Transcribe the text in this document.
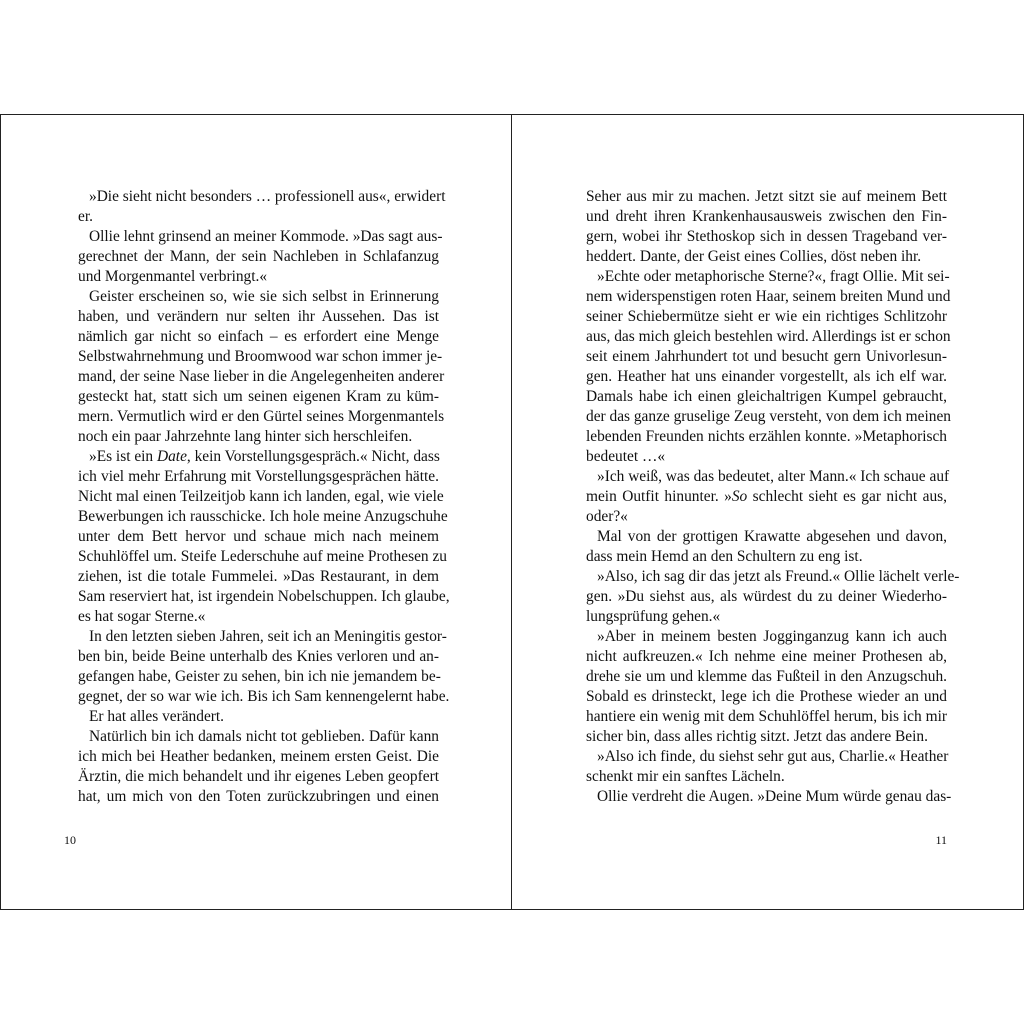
»Die sieht nicht besonders … professionell aus«, erwidert
er.
Ollie lehnt grinsend an meiner Kommode. »Das sagt aus-
gerechnet der Mann, der sein Nachleben in Schlafanzug
und Morgenmantel verbringt.«
Geister erscheinen so, wie sie sich selbst in Erinnerung
haben, und verändern nur selten ihr Aussehen. Das ist
nämlich gar nicht so einfach – es erfordert eine Menge
Selbstwahrnehmung und Broomwood war schon immer je-
mand, der seine Nase lieber in die Angelegenheiten anderer
gesteckt hat, statt sich um seinen eigenen Kram zu küm-
mern. Vermutlich wird er den Gürtel seines Morgenmantels
noch ein paar Jahrzehnte lang hinter sich herschleifen.
»Es ist ein Date, kein Vorstellungsgespräch.« Nicht, dass
ich viel mehr Erfahrung mit Vorstellungsgesprächen hätte.
Nicht mal einen Teilzeitjob kann ich landen, egal, wie viele
Bewerbungen ich rausschicke. Ich hole meine Anzugschuhe
unter dem Bett hervor und schaue mich nach meinem
Schuhlöffel um. Steife Lederschuhe auf meine Prothesen zu
ziehen, ist die totale Fummelei. »Das Restaurant, in dem
Sam reserviert hat, ist irgendein Nobelschuppen. Ich glaube,
es hat sogar Sterne.«
In den letzten sieben Jahren, seit ich an Meningitis gestor-
ben bin, beide Beine unterhalb des Knies verloren und an-
gefangen habe, Geister zu sehen, bin ich nie jemandem be-
gegnet, der so war wie ich. Bis ich Sam kennengelernt habe.
Er hat alles verändert.
Natürlich bin ich damals nicht tot geblieben. Dafür kann
ich mich bei Heather bedanken, meinem ersten Geist. Die
Ärztin, die mich behandelt und ihr eigenes Leben geopfert
hat, um mich von den Toten zurückzubringen und einen
10
Seher aus mir zu machen. Jetzt sitzt sie auf meinem Bett
und dreht ihren Krankenhausausweis zwischen den Fin-
gern, wobei ihr Stethoskop sich in dessen Trageband ver-
heddert. Dante, der Geist eines Collies, döst neben ihr.
»Echte oder metaphorische Sterne?«, fragt Ollie. Mit sei-
nem widerspenstigen roten Haar, seinem breiten Mund und
seiner Schiebermütze sieht er wie ein richtiges Schlitzohr
aus, das mich gleich bestehlen wird. Allerdings ist er schon
seit einem Jahrhundert tot und besucht gern Univorlesun-
gen. Heather hat uns einander vorgestellt, als ich elf war.
Damals habe ich einen gleichaltrigen Kumpel gebraucht,
der das ganze gruselige Zeug versteht, von dem ich meinen
lebenden Freunden nichts erzählen konnte. »Metaphorisch
bedeutet …«
»Ich weiß, was das bedeutet, alter Mann.« Ich schaue auf
mein Outfit hinunter. »So schlecht sieht es gar nicht aus,
oder?«
Mal von der grottigen Krawatte abgesehen und davon,
dass mein Hemd an den Schultern zu eng ist.
»Also, ich sag dir das jetzt als Freund.« Ollie lächelt verle-
gen. »Du siehst aus, als würdest du zu deiner Wiederho-
lungsprüfung gehen.«
»Aber in meinem besten Jogginganzug kann ich auch
nicht aufkreuzen.« Ich nehme eine meiner Prothesen ab,
drehe sie um und klemme das Fußteil in den Anzugschuh.
Sobald es drinsteckt, lege ich die Prothese wieder an und
hantiere ein wenig mit dem Schuhlöffel herum, bis ich mir
sicher bin, dass alles richtig sitzt. Jetzt das andere Bein.
»Also ich finde, du siehst sehr gut aus, Charlie.« Heather
schenkt mir ein sanftes Lächeln.
Ollie verdreht die Augen. »Deine Mum würde genau das-
11
